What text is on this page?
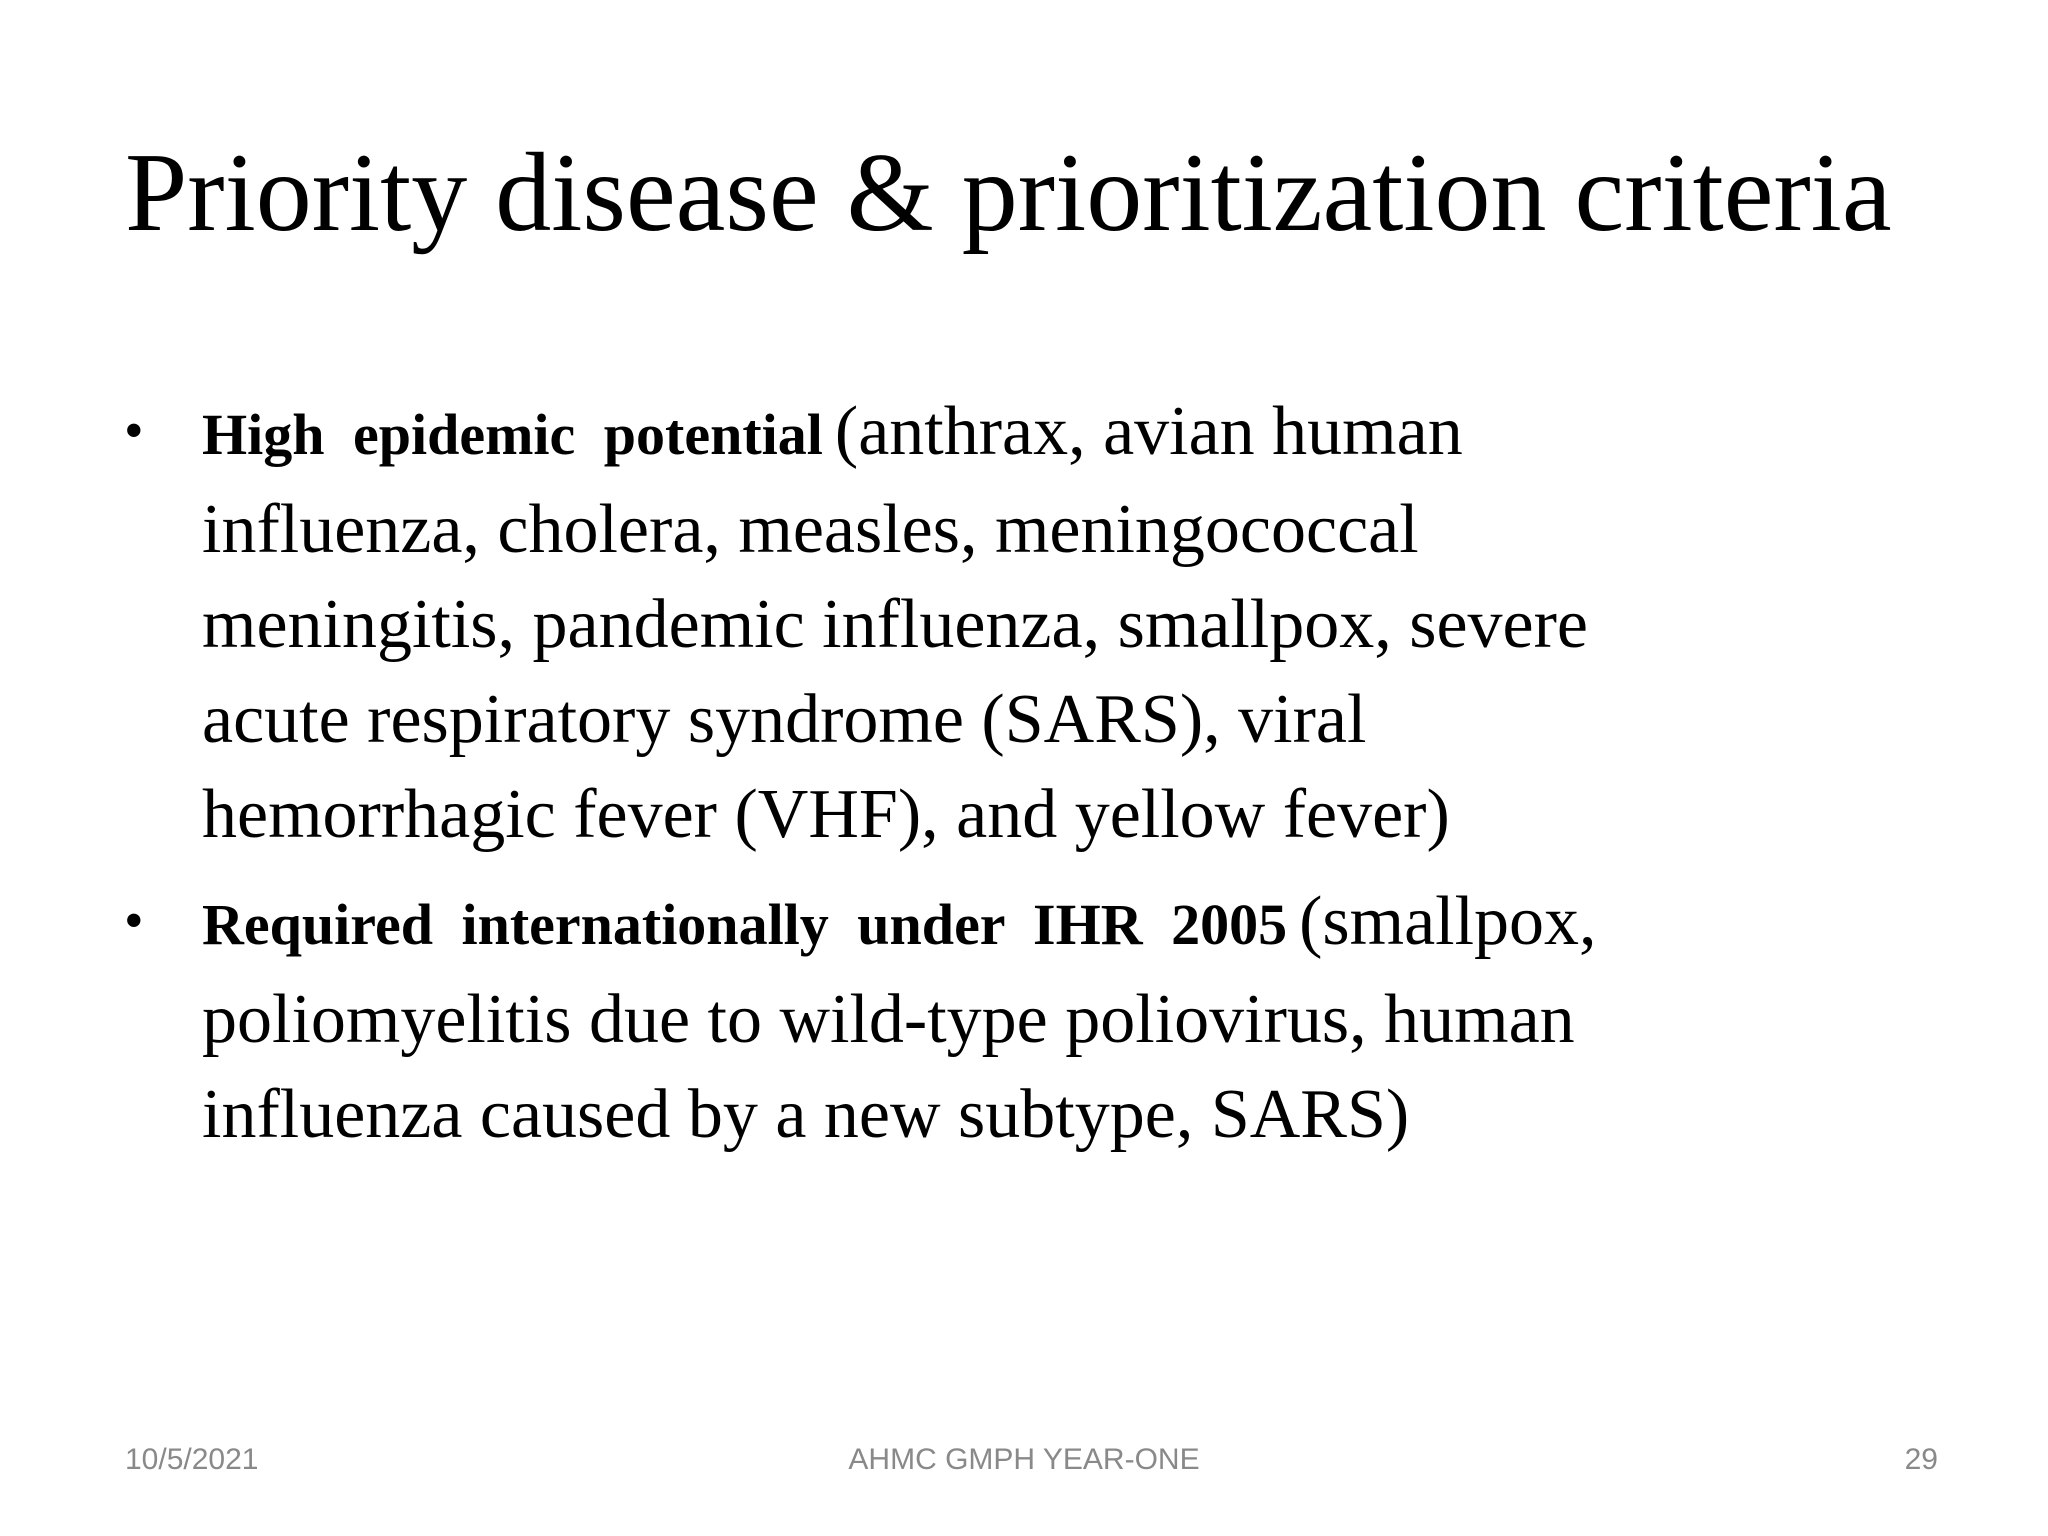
Priority disease & prioritization criteria
• High epidemic potential (anthrax, avian human
influenza, cholera, measles, meningococcal
meningitis, pandemic influenza, smallpox, severe
acute respiratory syndrome (SARS), viral
hemorrhagic fever (VHF), and yellow fever)
• Required internationally under IHR 2005 (smallpox,
poliomyelitis due to wild-type poliovirus, human
influenza caused by a new subtype, SARS)
10/5/2021	AHMC GMPH YEAR-ONE	29
